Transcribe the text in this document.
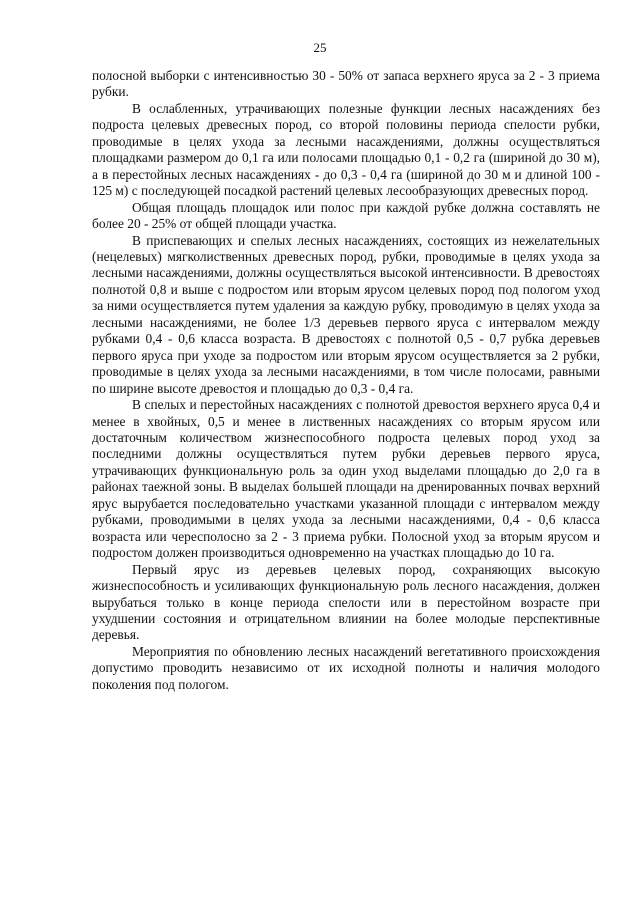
25

полосной выборки с интенсивностью 30 - 50% от запаса верхнего яруса за 2 - 3 приема рубки.

В ослабленных, утрачивающих полезные функции лесных насаждениях без подроста целевых древесных пород, со второй половины периода спелости рубки, проводимые в целях ухода за лесными насаждениями, должны осуществляться площадками размером до 0,1 га или полосами площадью 0,1 - 0,2 га (шириной до 30 м), а в перестойных лесных насаждениях - до 0,3 - 0,4 га (шириной до 30 м и длиной 100 - 125 м) с последующей посадкой растений целевых лесообразующих древесных пород.

Общая площадь площадок или полос при каждой рубке должна составлять не более 20 - 25% от общей площади участка.

В приспевающих и спелых лесных насаждениях, состоящих из нежелательных (нецелевых) мягколиственных древесных пород, рубки, проводимые в целях ухода за лесными насаждениями, должны осуществляться высокой интенсивности. В древостоях полнотой 0,8 и выше с подростом или вторым ярусом целевых пород под пологом уход за ними осуществляется путем удаления за каждую рубку, проводимую в целях ухода за лесными насаждениями, не более 1/3 деревьев первого яруса с интервалом между рубками 0,4 - 0,6 класса возраста. В древостоях с полнотой 0,5 - 0,7 рубка деревьев первого яруса при уходе за подростом или вторым ярусом осуществляется за 2 рубки, проводимые в целях ухода за лесными насаждениями, в том числе полосами, равными по ширине высоте древостоя и площадью до 0,3 - 0,4 га.

В спелых и перестойных насаждениях с полнотой древостоя верхнего яруса 0,4 и менее в хвойных, 0,5 и менее в лиственных насаждениях со вторым ярусом или достаточным количеством жизнеспособного подроста целевых пород уход за последними должны осуществляться путем рубки деревьев первого яруса, утрачивающих функциональную роль за один уход выделами площадью до 2,0 га в районах таежной зоны. В выделах большей площади на дренированных почвах верхний ярус вырубается последовательно участками указанной площади с интервалом между рубками, проводимыми в целях ухода за лесными насаждениями, 0,4 - 0,6 класса возраста или чересполосно за 2 - 3 приема рубки. Полосной уход за вторым ярусом и подростом должен производиться одновременно на участках площадью до 10 га.

Первый ярус из деревьев целевых пород, сохраняющих высокую жизнеспособность и усиливающих функциональную роль лесного насаждения, должен вырубаться только в конце периода спелости или в перестойном возрасте при ухудшении состояния и отрицательном влиянии на более молодые перспективные деревья.

Мероприятия по обновлению лесных насаждений вегетативного происхождения допустимо проводить независимо от их исходной полноты и наличия молодого поколения под пологом.
